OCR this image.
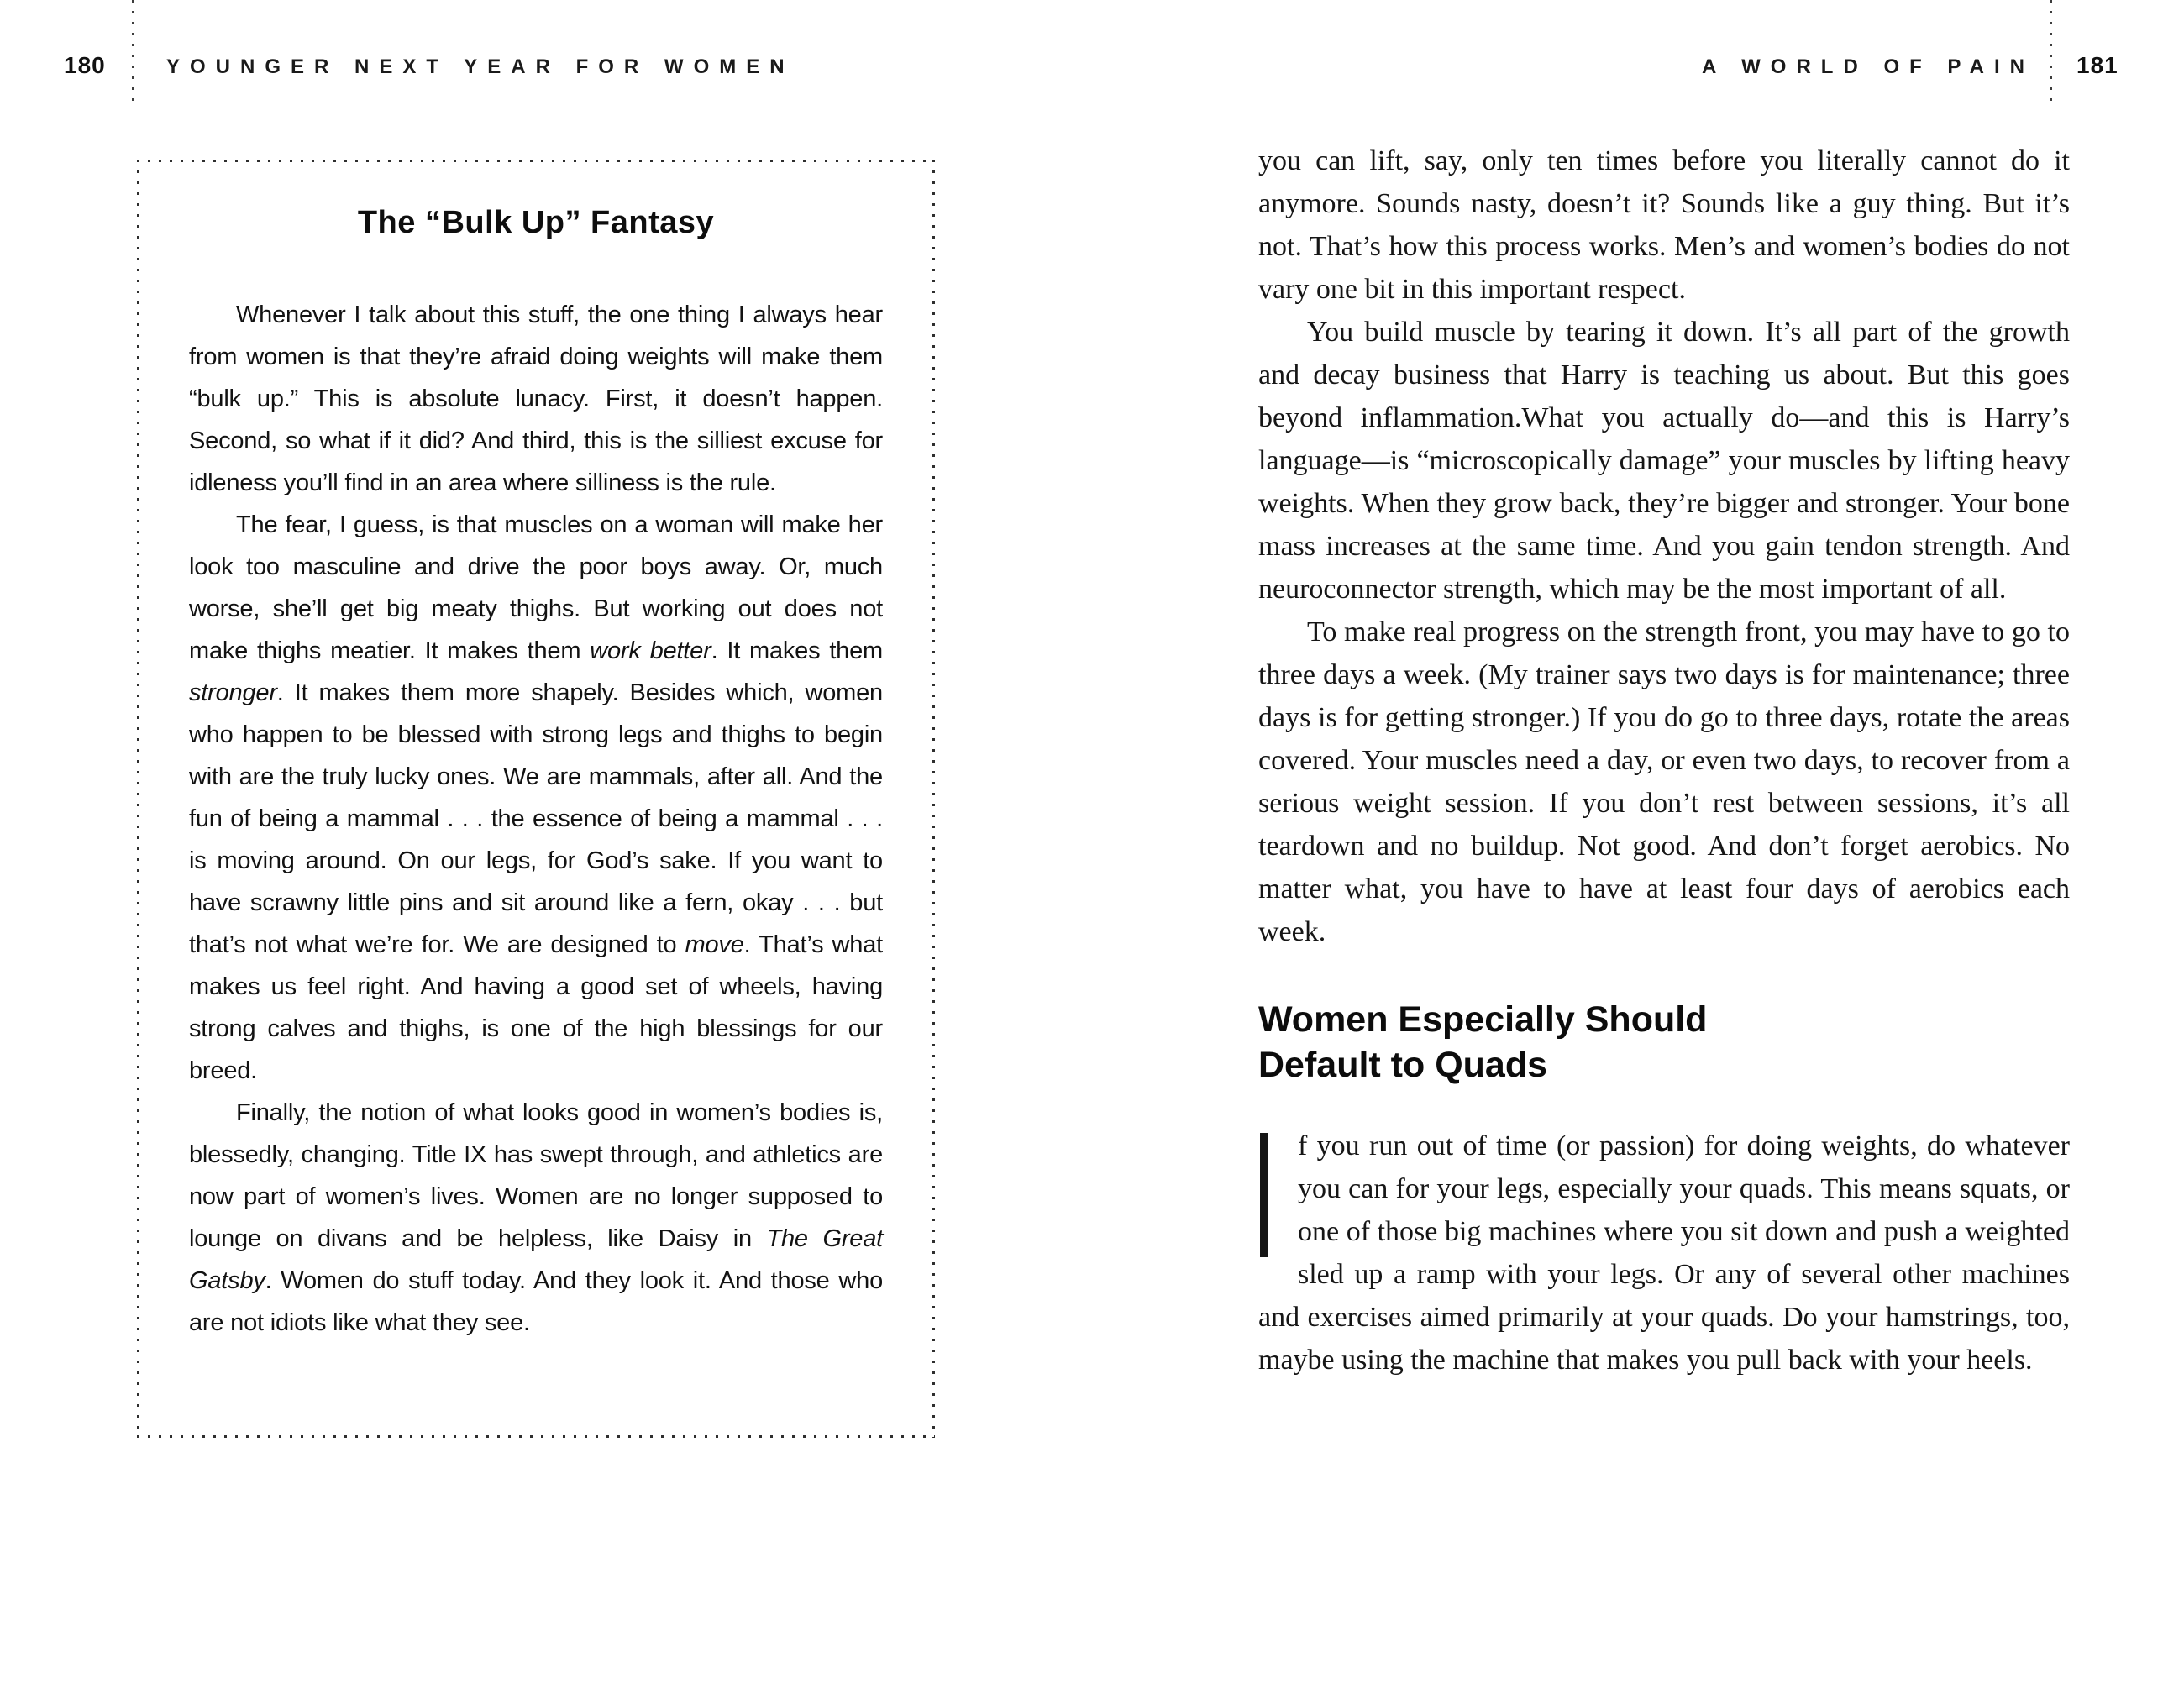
180	YOUNGER NEXT YEAR FOR WOMEN	A WORLD OF PAIN 181
The “Bulk Up” Fantasy

Whenever I talk about this stuff, the one thing I always hear from women is that they’re afraid doing weights will make them “bulk up.” This is absolute lunacy. First, it doesn’t happen. Second, so what if it did? And third, this is the silliest excuse for idleness you’ll find in an area where silliness is the rule.

The fear, I guess, is that muscles on a woman will make her look too masculine and drive the poor boys away. Or, much worse, she’ll get big meaty thighs. But working out does not make thighs meatier. It makes them work better. It makes them stronger. It makes them more shapely. Besides which, women who happen to be blessed with strong legs and thighs to begin with are the truly lucky ones. We are mammals, after all. And the fun of being a mammal . . . the essence of being a mammal . . . is moving around. On our legs, for God’s sake. If you want to have scrawny little pins and sit around like a fern, okay . . . but that’s not what we’re for. We are designed to move. That’s what makes us feel right. And having a good set of wheels, having strong calves and thighs, is one of the high blessings for our breed.

Finally, the notion of what looks good in women’s bodies is, blessedly, changing. Title IX has swept through, and athletics are now part of women’s lives. Women are no longer supposed to lounge on divans and be helpless, like Daisy in The Great Gatsby. Women do stuff today. And they look it. And those who are not idiots like what they see.

you can lift, say, only ten times before you literally cannot do it anymore. Sounds nasty, doesn’t it? Sounds like a guy thing. But it’s not. That’s how this process works. Men’s and women’s bodies do not vary one bit in this important respect.

You build muscle by tearing it down. It’s all part of the growth and decay business that Harry is teaching us about. But this goes beyond inflammation.What you actually do—and this is Harry’s language—is “microscopically damage” your muscles by lifting heavy weights. When they grow back, they’re bigger and stronger. Your bone mass increases at the same time. And you gain tendon strength. And neuroconnector strength, which may be the most important of all.

To make real progress on the strength front, you may have to go to three days a week. (My trainer says two days is for maintenance; three days is for getting stronger.) If you do go to three days, rotate the areas covered. Your muscles need a day, or even two days, to recover from a serious weight session. If you don’t rest between sessions, it’s all teardown and no buildup. Not good. And don’t forget aerobics. No matter what, you have to have at least four days of aerobics each week.

Women Especially Should
Default to Quads

f you run out of time (or passion) for doing weights, do whatever you can for your legs, especially your quads. This means squats, or one of those big machines where you sit down and push a weighted sled up a ramp with your legs. Or any of several other machines and exercises aimed primarily at your quads. Do your hamstrings, too, maybe using the machine that makes you pull back with your heels.
